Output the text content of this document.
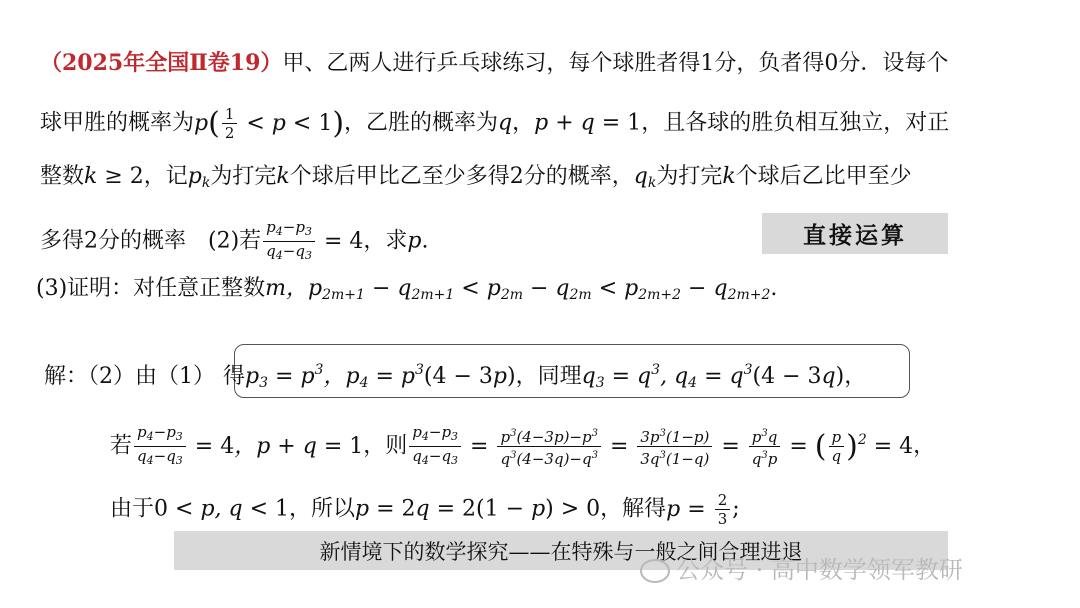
（2025年全国Ⅱ卷19）甲、乙两人进行乒乓球练习，每个球胜者得1分，负者得0分．设每个
球甲胜的概率为$p( \frac{1}{2} < p < 1)$，乙胜的概率为q，p + q = 1，且各球的胜负相互独立，对正
整数k ≥ 2，记$p_k$为打完k个球后甲比乙至少多得2分的概率，$q_k$为打完k个球后乙比甲至少
多得2分的概率　(2)若 $\frac{p_4-p_3}{q_4-q_3} = 4$，求p.	直接运算
(3)证明：对任意正整数m，$p_{2m+1} - q_{2m+1} < p_{2m} - q_{2m} < p_{2m+2} - q_{2m+2}$.
解：（2）由（1） 得$p_3 = p^3$，$p_4 = p^3(4 - 3p)$，同理$q_3 = q^3$, $q_4 = q^3(4 - 3q)$，
若 $\frac{p_4-p_3}{q_4-q_3} = 4$，p + q = 1，则 $\frac{p_4-p_3}{q_4-q_3} = \frac{p^3(4-3p)-p^3}{q^3(4-3q)-q^3} = \frac{3p^3(1-p)}{3q^3(1-q)} = \frac{p^3q}{q^3p}$ = ( $\frac{p}{q} )^2 = 4$，
由于0 < p, q < 1，所以p = 2q = 2(1 − p) > 0，解得$p = \frac{2}{3}$ ;
新情境下的数学探究——在特殊与一般之间合理进退
公众号 · 高中数学领军教研
